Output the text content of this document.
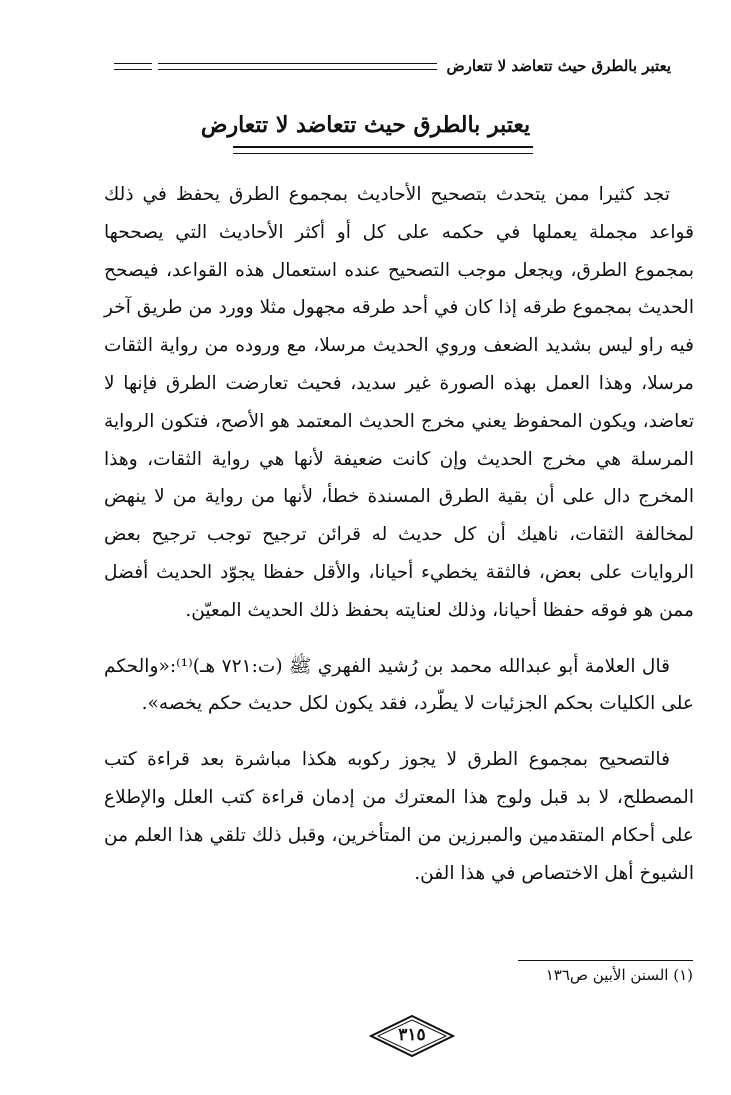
يعتبر بالطرق حيث تتعاضد لا تتعارض
يعتبر بالطرق حيث تتعاضد لا تتعارض

تجد كثيرا ممن يتحدث بتصحيح الأحاديث بمجموع الطرق يحفظ في ذلك قواعد مجملة يعملها في حكمه على كل أو أكثر الأحاديث التي يصححها بمجموع الطرق، ويجعل موجب التصحيح عنده استعمال هذه القواعد، فيصحح الحديث بمجموع طرقه إذا كان في أحد طرقه مجهول مثلا وورد من طريق آخر فيه راو ليس بشديد الضعف وروي الحديث مرسلا، مع وروده من رواية الثقات مرسلا، وهذا العمل بهذه الصورة غير سديد، فحيث تعارضت الطرق فإنها لا تعاضد، ويكون المحفوظ يعني مخرج الحديث المعتمد هو الأصح، فتكون الرواية المرسلة هي مخرج الحديث وإن كانت ضعيفة لأنها هي رواية الثقات، وهذا المخرج دال على أن بقية الطرق المسندة خطأ، لأنها من رواية من لا ينهض لمخالفة الثقات، ناهيك أن كل حديث له قرائن ترجيح توجب ترجيح بعض الروايات على بعض، فالثقة يخطيء أحيانا، والأقل حفظا يجوّد الحديث أفضل ممن هو فوقه حفظا أحيانا، وذلك لعنايته بحفظ ذلك الحديث المعيّن.

قال العلامة أبو عبدالله محمد بن رُشيد الفهري ﷺ (ت:٧٢١ هـ)⁽¹⁾:«والحكم على الكليات بحكم الجزئيات لا يطّرد، فقد يكون لكل حديث حكم يخصه».

فالتصحيح بمجموع الطرق لا يجوز ركوبه هكذا مباشرة بعد قراءة كتب المصطلح، لا بد قبل ولوج هذا المعترك من إدمان قراءة كتب العلل والإطلاع على أحكام المتقدمين والمبرزين من المتأخرين، وقبل ذلك تلقي هذا العلم من الشيوخ أهل الاختصاص في هذا الفن.

(١) السنن الأبين ص١٣٦
٣١٥
